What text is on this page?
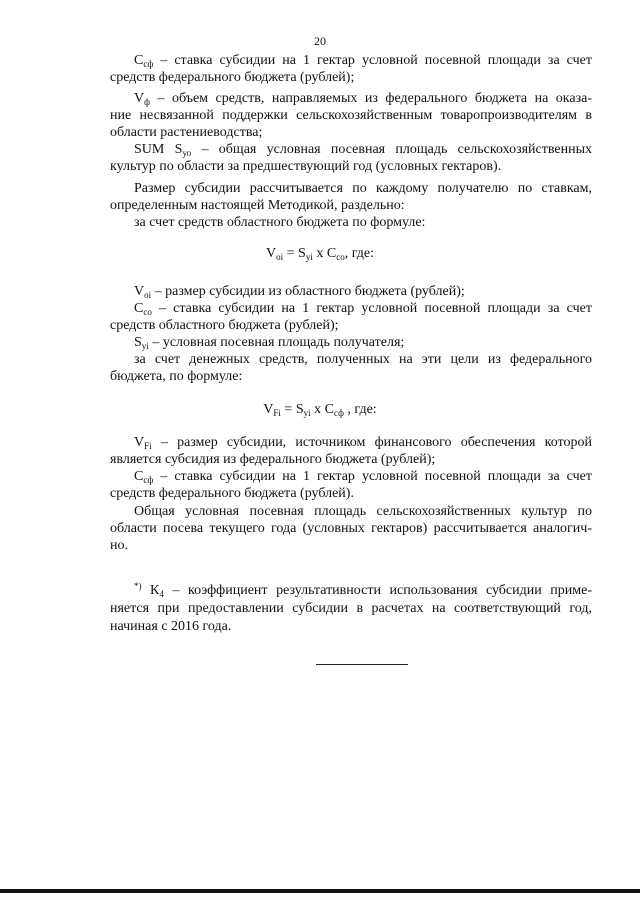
20

$С_{сф}$ – ставка субсидии на 1 гектар условной посевной площади за счет

средств федерального бюджета (рублей);

$V_ф$ – объем средств, направляемых из федерального бюджета на оказа-

ние несвязанной поддержки сельскохозяйственным товаропроизводителям в

области растениеводства;

SUM $S_{уо}$ – общая условная посевная площадь сельскохозяйственных

культур по области за предшествующий год (условных гектаров).

Размер субсидии рассчитывается по каждому получателю по ставкам,

определенным настоящей Методикой, раздельно:

за счет средств областного бюджета по формуле:

$V_{oi} = S_{yi}$ x $С_{со}$, где:

$V_{oi}$ – размер субсидии из областного бюджета (рублей);

$С_{со}$ – ставка субсидии на 1 гектар условной посевной площади за счет

средств областного бюджета (рублей);

$S_{yi}$ – условная посевная площадь получателя;

за счет денежных средств, полученных на эти цели из федерального

бюджета, по формуле:

$V_{Fi} = S_{yi}$ x $С_{сф}$ , где:

$V_{Fi}$ – размер субсидии, источником финансового обеспечения которой

является субсидия из федерального бюджета (рублей);

$С_{сф}$ – ставка субсидии на 1 гектар условной посевной площади за счет

средств федерального бюджета (рублей).

Общая условная посевная площадь сельскохозяйственных культур по

области посева текущего года (условных гектаров) рассчитывается аналогич-

но.

*) $К_4$ – коэффициент результативности использования субсидии приме-

няется при предоставлении субсидии в расчетах на соответствующий год,

начиная с 2016 года.
